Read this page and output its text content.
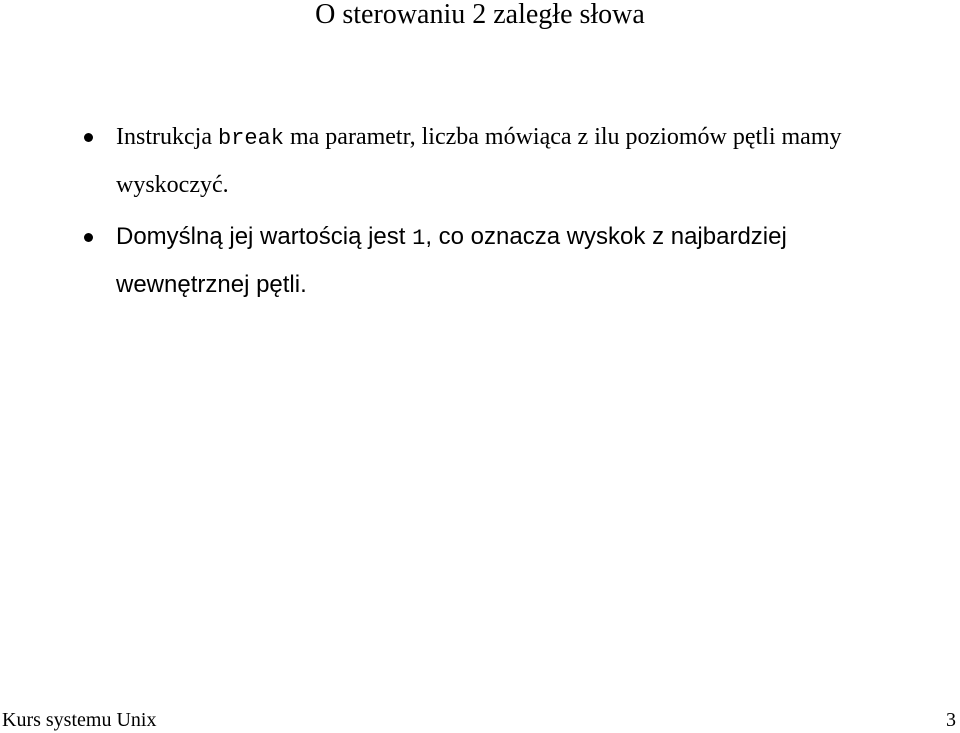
O sterowaniu 2 zaległe słowa
Instrukcja break ma parametr, liczba mówiąca z ilu poziomów pętli mamy wyskoczyć.
Domyślną jej wartością jest 1, co oznacza wyskok z najbardziej wewnętrznej pętli.
Kurs systemu Unix	3
